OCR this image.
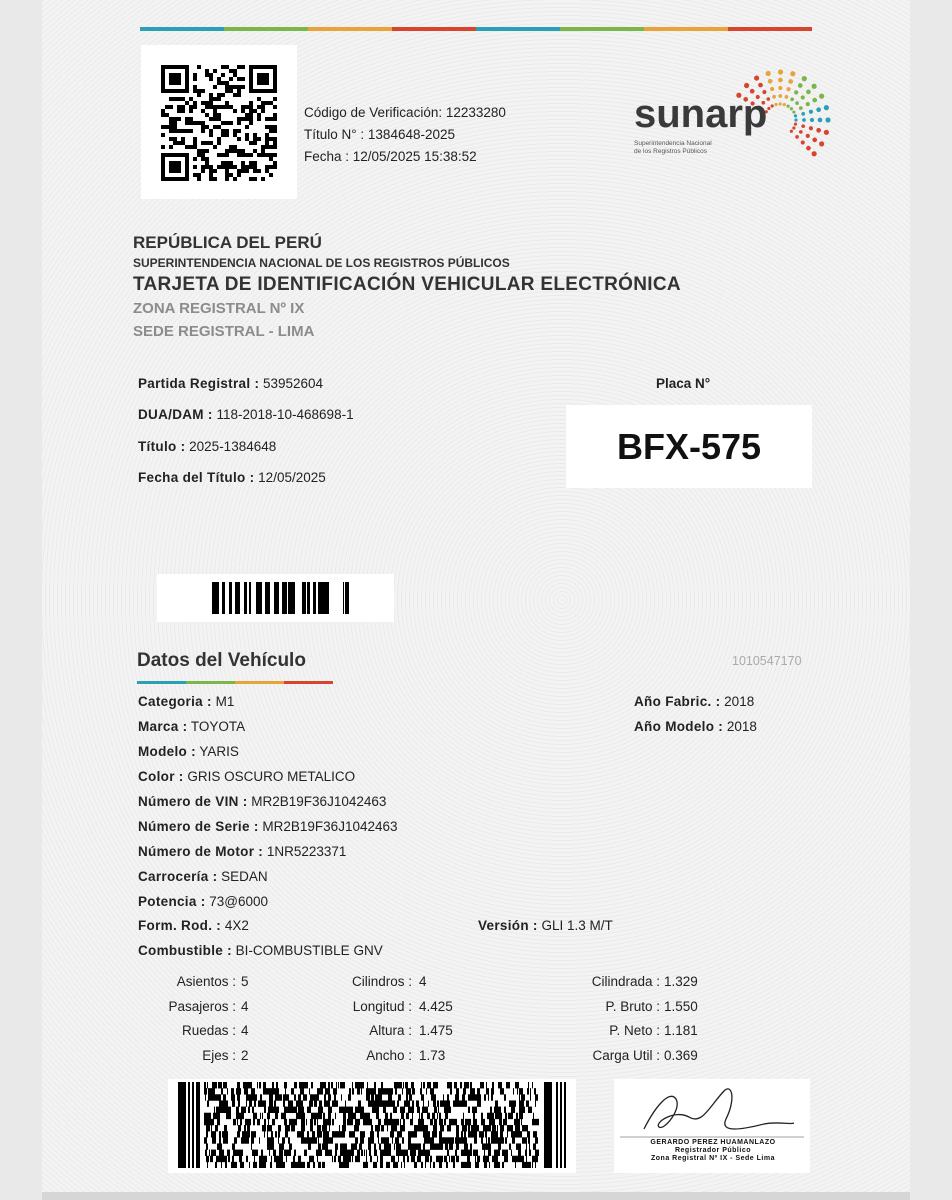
Código de Verificación: 12233280
Título N° : 1384648-2025
Fecha : 12/05/2025 15:38:52
sunarp
Superintendencia Nacional
de los Registros Públicos
REPÚBLICA DEL PERÚ
SUPERINTENDENCIA NACIONAL DE LOS REGISTROS PÚBLICOS
TARJETA DE IDENTIFICACIÓN VEHICULAR ELECTRÓNICA
ZONA REGISTRAL Nº IX
SEDE REGISTRAL - LIMA
Partida Registral : 53952604
DUA/DAM : 118-2018-10-468698-1
Título : 2025-1384648
Fecha del Título : 12/05/2025
Placa N°
BFX-575
Datos del Vehículo	1010547170
Categoria : M1
Marca : TOYOTA
Modelo : YARIS
Color : GRIS OSCURO METALICO
Número de VIN : MR2B19F36J1042463
Número de Serie : MR2B19F36J1042463
Número de Motor : 1NR5223371
Carrocería : SEDAN
Potencia : 73@6000
Form. Rod. : 4X2	Versión : GLI 1.3 M/T
Combustible : BI-COMBUSTIBLE GNV
Año Fabric. : 2018
Año Modelo : 2018
Asientos : 5
Pasajeros : 4
Ruedas : 4
Ejes : 2
Cilindros : 4
Longitud : 4.425
Altura : 1.475
Ancho : 1.73
Cilindrada : 1.329
P. Bruto : 1.550
P. Neto : 1.181
Carga Util : 0.369
GERARDO PEREZ HUAMANLAZO
Registrador Público
Zona Registral Nº IX - Sede Lima
